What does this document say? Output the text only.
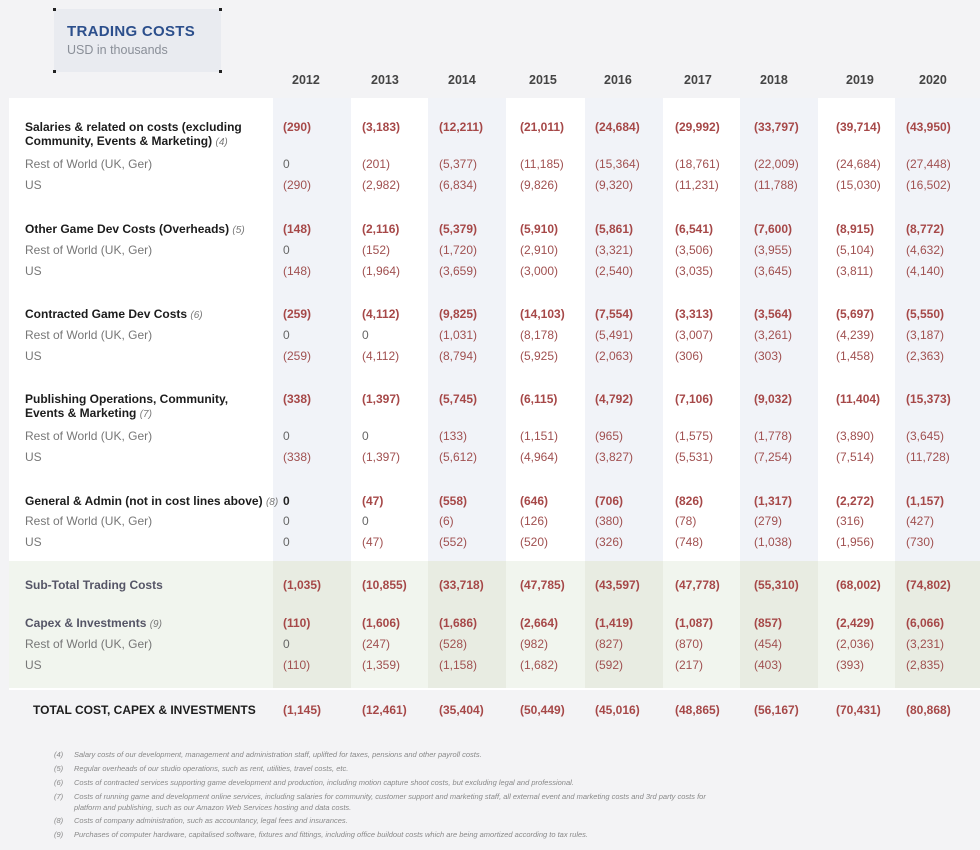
TRADING COSTS
USD in thousands
2012	2013	2014	2015	2016	2017	2018	2019	2020
Salaries & related on costs (excluding
Community, Events & Marketing) (4)
(290)	(3,183)	(12,211)	(21,011)	(24,684)	(29,992)	(33,797)	(39,714) (43,950)
Rest of World (UK, Ger)	0	(201)	(5,377)	(11,185)	(15,364)	(18,761)	(22,009)	(24,684) (27,448)
US	(290)	(2,982)	(6,834)	(9,826)	(9,320)	(11,231)	(11,788)	(15,030) (16,502)
Other Game Dev Costs (Overheads) (5)	(148)	(2,116)	(5,379)	(5,910)	(5,861)	(6,541)	(7,600)	(8,915)	(8,772)
Rest of World (UK, Ger)	0	(152)	(1,720)	(2,910)	(3,321)	(3,506)	(3,955)	(5,104)	(4,632)
US	(148)	(1,964)	(3,659)	(3,000)	(2,540)	(3,035)	(3,645)	(3,811)	(4,140)
Contracted Game Dev Costs (6)	(259)	(4,112)	(9,825)	(14,103)	(7,554)	(3,313)	(3,564)	(5,697)	(5,550)
Rest of World (UK, Ger)	0	0	(1,031)	(8,178)	(5,491)	(3,007)	(3,261)	(4,239)	(3,187)
US	(259)	(4,112)	(8,794)	(5,925)	(2,063)	(306)	(303)	(1,458)	(2,363)
Publishing Operations, Community,
Events & Marketing (7)
(338)	(1,397)	(5,745)	(6,115)	(4,792)	(7,106)	(9,032)	(11,404) (15,373)
Rest of World (UK, Ger)	0	0	(133)	(1,151)	(965)	(1,575)	(1,778)	(3,890)	(3,645)
US	(338)	(1,397)	(5,612)	(4,964)	(3,827)	(5,531)	(7,254)	(7,514)	(11,728)
General & Admin (not in cost lines above) (8) 0	(47)	(558)	(646)	(706)	(826)	(1,317)	(2,272)	(1,157)
Rest of World (UK, Ger)	0	0	(6)	(126)	(380)	(78)	(279)	(316)	(427)
US	0	(47)	(552)	(520)	(326)	(748)	(1,038)	(1,956)	(730)
Sub-Total Trading Costs	(1,035)	(10,855)	(33,718)	(47,785)	(43,597)	(47,778)	(55,310)	(68,002) (74,802)
Capex & Investments (9)	(110)	(1,606)	(1,686)	(2,664)	(1,419)	(1,087)	(857)	(2,429)	(6,066)
Rest of World (UK, Ger)	0	(247)	(528)	(982)	(827)	(870)	(454)	(2,036)	(3,231)
US	(110)	(1,359)	(1,158)	(1,682)	(592)	(217)	(403)	(393)	(2,835)
TOTAL COST, CAPEX & INVESTMENTS (1,145)	(12,461)	(35,404)	(50,449)	(45,016)	(48,865)	(56,167)	(70,431) (80,868)
(4) Salary costs of our development, management and administration staff, uplifted for taxes, pensions and other payroll costs.
(5) Regular overheads of our studio operations, such as rent, utilities, travel costs, etc.
(6) Costs of contracted services supporting game development and production, including motion capture shoot costs, but excluding legal and professional.
(7) Costs of running game and development online services, including salaries for community, customer support and marketing staff, all external event and marketing costs and 3rd party costs for platform and publishing, such as our Amazon Web Services hosting and data costs.
(8) Costs of company administration, such as accountancy, legal fees and insurances.
(9) Purchases of computer hardware, capitalised software, fixtures and fittings, including office buildout costs which are being amortized according to tax rules.
